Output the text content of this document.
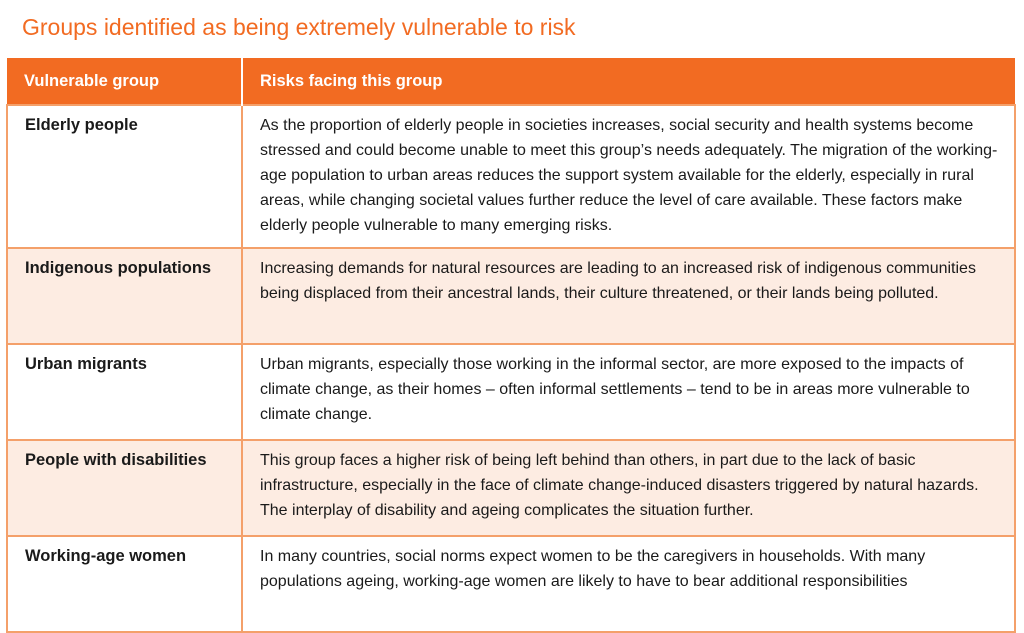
Groups identified as being extremely vulnerable to risk
Vulnerable group	Risks facing this group
Elderly people	As the proportion of elderly people in societies increases, social security and health systems become stressed and could become unable to meet this group’s needs adequately. The migration of the working-age population to urban areas reduces the support system available for the elderly, especially in rural areas, while changing societal values further reduce the level of care available. These factors make elderly people vulnerable to many emerging risks.
Indigenous populations	Increasing demands for natural resources are leading to an increased risk of indigenous communities being displaced from their ancestral lands, their culture threatened, or their lands being polluted.
Urban migrants	Urban migrants, especially those working in the informal sector, are more exposed to the impacts of climate change, as their homes – often informal settlements – tend to be in areas more vulnerable to climate change.
People with disabilities	This group faces a higher risk of being left behind than others, in part due to the lack of basic infrastructure, especially in the face of climate change-induced disasters triggered by natural hazards. The interplay of disability and ageing complicates the situation further.
Working-age women	In many countries, social norms expect women to be the caregivers in households. With many populations ageing, working-age women are likely to have to bear additional responsibilities
